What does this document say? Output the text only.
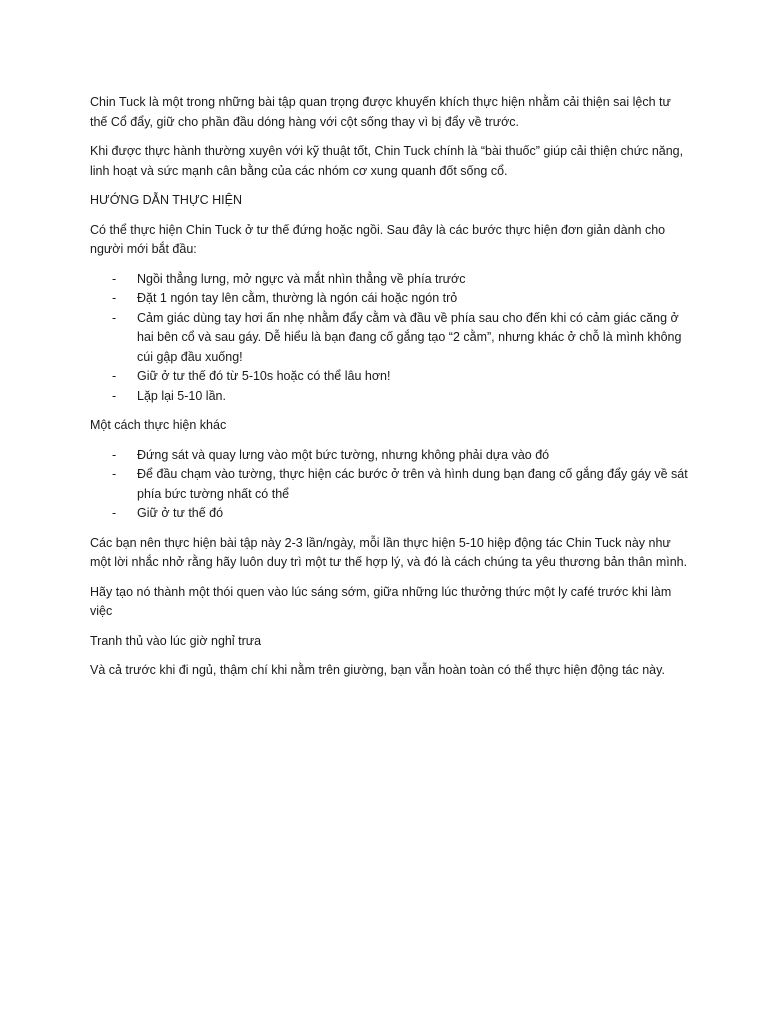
Chin Tuck là một trong những bài tập quan trọng được khuyến khích thực hiện nhằm cải thiện sai lệch tư thế Cổ đẩy, giữ cho phần đầu dóng hàng với cột sống thay vì bị đẩy về trước.

Khi được thực hành thường xuyên với kỹ thuật tốt, Chin Tuck chính là “bài thuốc” giúp cải thiện chức năng, linh hoạt và sức mạnh cân bằng của các nhóm cơ xung quanh đốt sống cổ.

HƯỚNG DẪN THỰC HIỆN

Có thể thực hiện Chin Tuck ở tư thế đứng hoặc ngồi. Sau đây là các bước thực hiện đơn giản dành cho người mới bắt đầu:

- Ngồi thẳng lưng, mở ngực và mắt nhìn thẳng về phía trước
- Đặt 1 ngón tay lên cằm, thường là ngón cái hoặc ngón trỏ
- Cảm giác dùng tay hơi ấn nhẹ nhằm đẩy cằm và đầu về phía sau cho đến khi có cảm giác căng ở hai bên cổ và sau gáy. Dễ hiểu là bạn đang cố gắng tạo “2 cằm”, nhưng khác ở chỗ là mình không cúi gập đầu xuống!
- Giữ ở tư thế đó từ 5-10s hoặc có thể lâu hơn!
- Lặp lại 5-10 lần.

Một cách thực hiện khác

- Đứng sát và quay lưng vào một bức tường, nhưng không phải dựa vào đó
- Để đầu chạm vào tường, thực hiện các bước ở trên và hình dung bạn đang cố gắng đẩy gáy về sát phía bức tường nhất có thể
- Giữ ở tư thế đó

Các bạn nên thực hiện bài tập này 2-3 lần/ngày, mỗi lần thực hiện 5-10 hiệp động tác Chin Tuck này như một lời nhắc nhở rằng hãy luôn duy trì một tư thế hợp lý, và đó là cách chúng ta yêu thương bản thân mình.

Hãy tạo nó thành một thói quen vào lúc sáng sớm, giữa những lúc thưởng thức một ly café trước khi làm việc

Tranh thủ vào lúc giờ nghỉ trưa

Và cả trước khi đi ngủ, thậm chí khi nằm trên giường, bạn vẫn hoàn toàn có thể thực hiện động tác này.
